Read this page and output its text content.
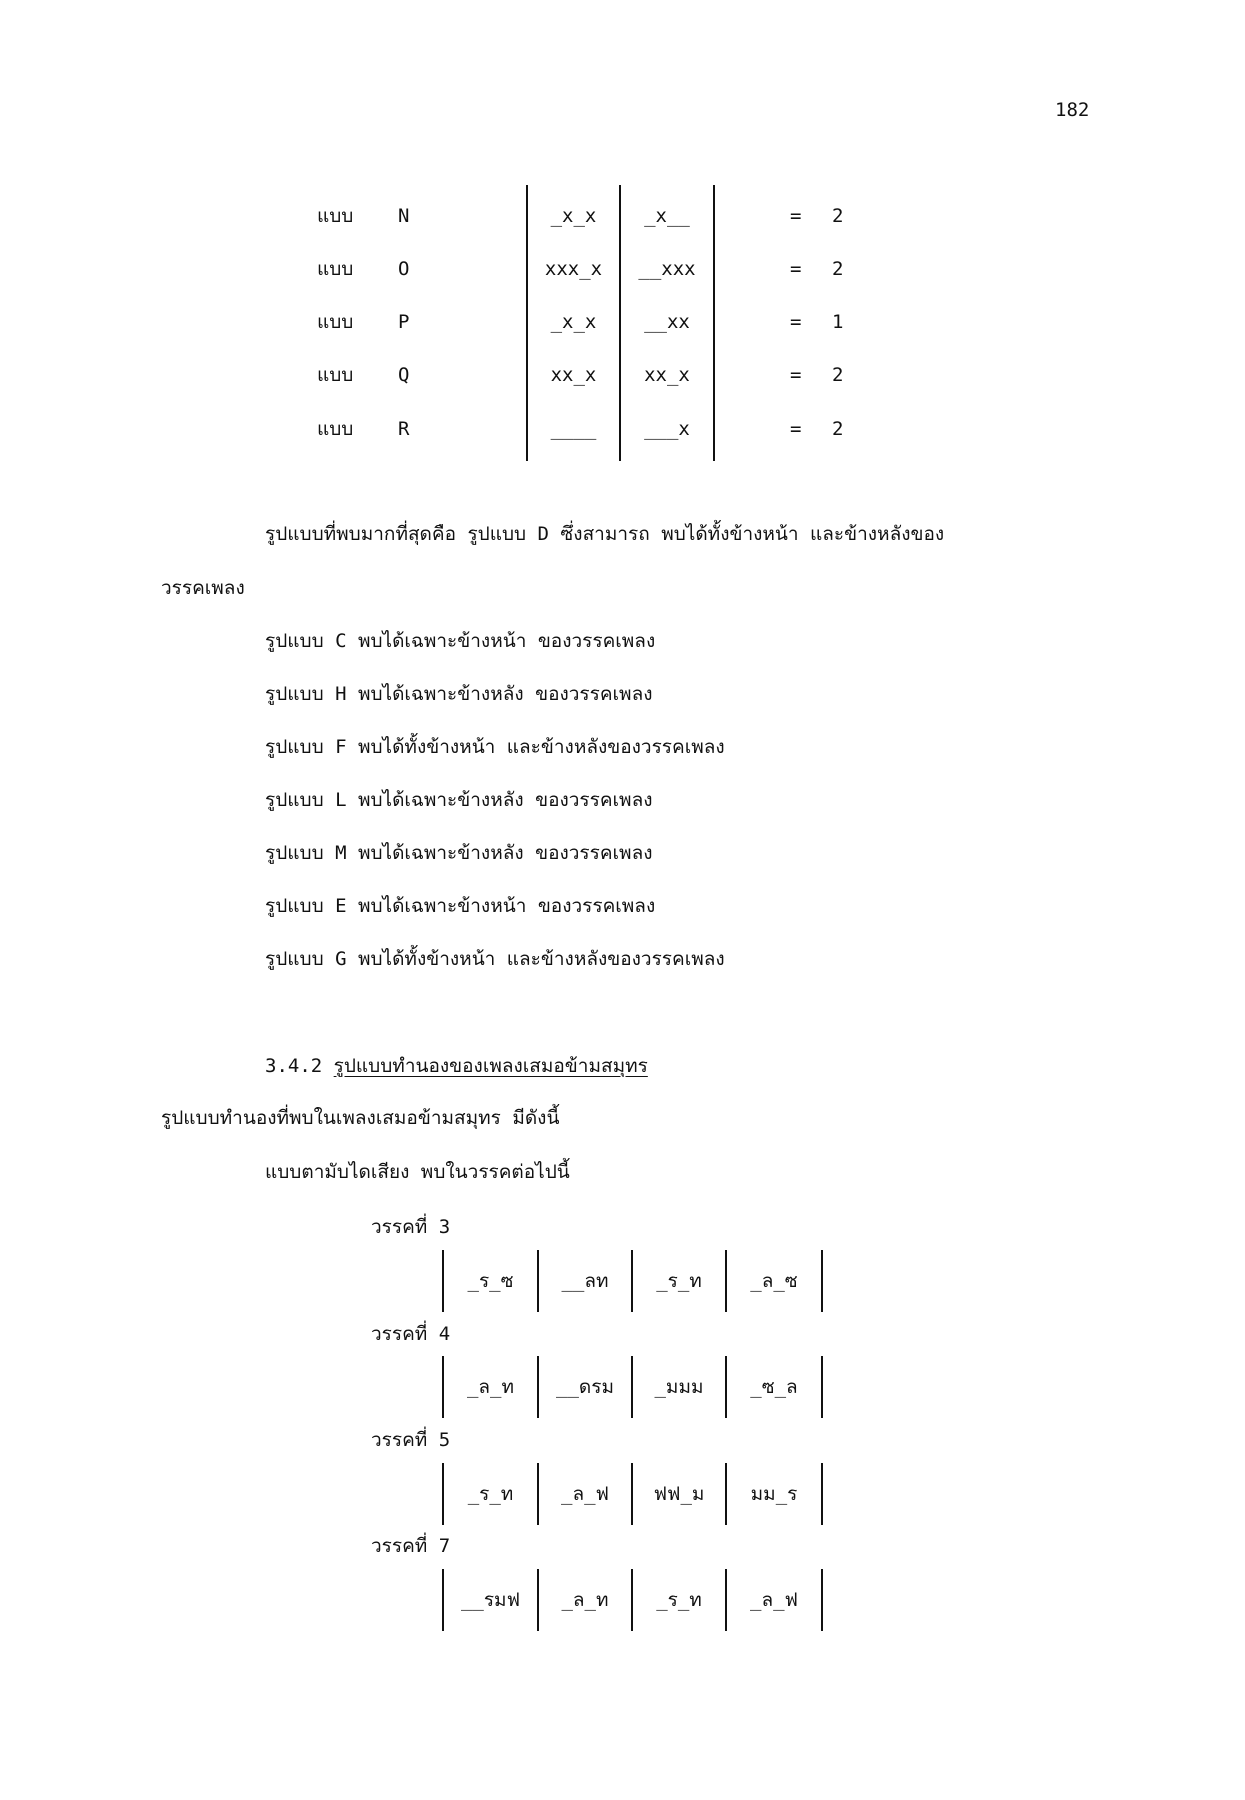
182
รูปแบบที่พบมากที่สุดคือ รูปแบบ D ซึ่งสามารถ พบได้ทั้งข้างหน้า และข้างหลังของ
วรรคเพลง
3.4.2 รูปแบบทำนองของเพลงเสมอข้ามสมุทร
รูปแบบทำนองที่พบในเพลงเสมอข้ามสมุทร มีดังนี้
แบบตามับไดเสียง พบในวรรคต่อไปนี้
แบบ N	_x_x	_x__	= 2
แบบ O	xxx_x	__xxx	= 2
แบบ P	_x_x	__xx	= 1
แบบ Q	xx_x	xx_x	= 2
แบบ R	____	___x	= 2
รูปแบบ C พบได้เฉพาะข้างหน้า ของวรรคเพลง
รูปแบบ H พบได้เฉพาะข้างหลัง ของวรรคเพลง
รูปแบบ F พบได้ทั้งข้างหน้า และข้างหลังของวรรคเพลง
รูปแบบ L พบได้เฉพาะข้างหลัง ของวรรคเพลง
รูปแบบ M พบได้เฉพาะข้างหลัง ของวรรคเพลง
รูปแบบ E พบได้เฉพาะข้างหน้า ของวรรคเพลง
รูปแบบ G พบได้ทั้งข้างหน้า และข้างหลังของวรรคเพลง
วรรคที่ 3
_ร_ซ	__ลท	_ร_ท	_ล_ซ
วรรคที่ 4
_ล_ท	__ดรม	_มมม	_ซ_ล
วรรคที่ 5
_ร_ท	_ล_ฟ	ฟฟ_ม	มม_ร
วรรคที่ 7
__รมฟ	_ล_ท	_ร_ท	_ล_ฟ
